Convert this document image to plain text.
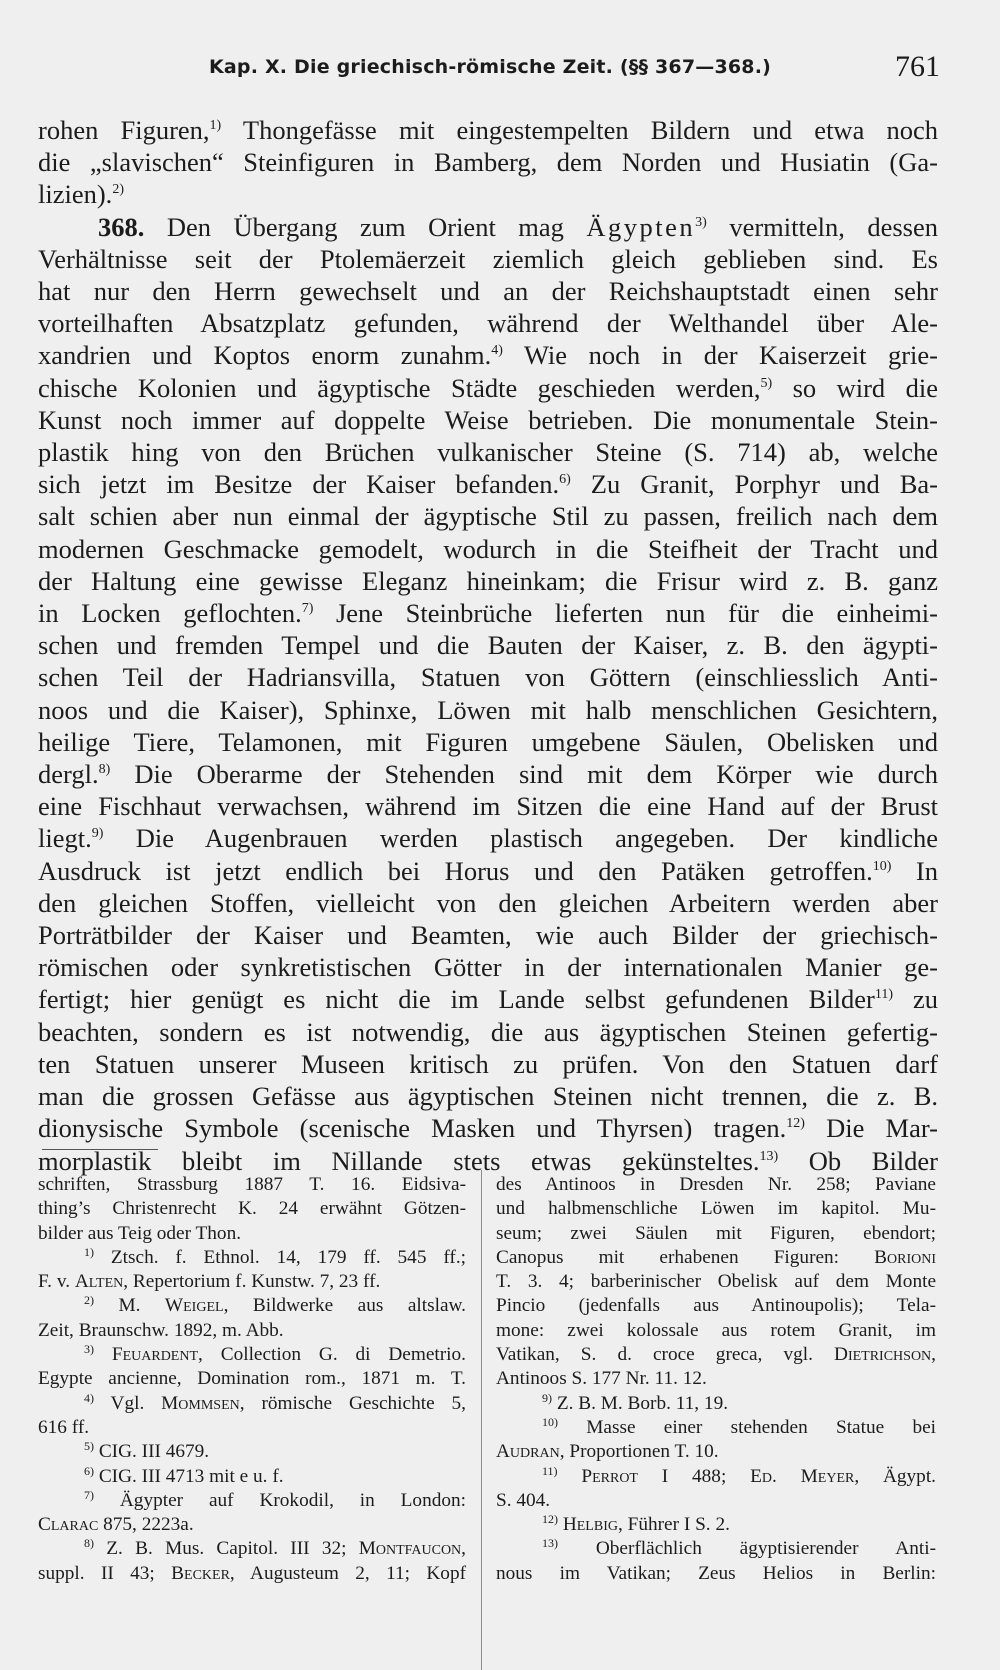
Kap. X. Die griechisch-römische Zeit. (§§ 367—368.)	761
rohen Figuren,$^{1)}$ Thongefässe mit eingestempelten Bildern und etwa noch
die „slavischen“ Steinfiguren in Bamberg, dem Norden und Husiatin (Ga-
lizien).$^{2)}$
368. Den Übergang zum Orient mag Ägypten$^{3)}$ vermitteln, dessen
Verhältnisse seit der Ptolemäerzeit ziemlich gleich geblieben sind. Es
hat nur den Herrn gewechselt und an der Reichshauptstadt einen sehr
vorteilhaften Absatzplatz gefunden, während der Welthandel über Ale-
xandrien und Koptos enorm zunahm.$^{4)}$ Wie noch in der Kaiserzeit grie-
chische Kolonien und ägyptische Städte geschieden werden,$^{5)}$ so wird die
Kunst noch immer auf doppelte Weise betrieben. Die monumentale Stein-
plastik hing von den Brüchen vulkanischer Steine (S. 714) ab, welche
sich jetzt im Besitze der Kaiser befanden.$^{6)}$ Zu Granit, Porphyr und Ba-
salt schien aber nun einmal der ägyptische Stil zu passen, freilich nach dem
modernen Geschmacke gemodelt, wodurch in die Steifheit der Tracht und
der Haltung eine gewisse Eleganz hineinkam; die Frisur wird z. B. ganz
in Locken geflochten.$^{7)}$ Jene Steinbrüche lieferten nun für die einheimi-
schen und fremden Tempel und die Bauten der Kaiser, z. B. den ägypti-
schen Teil der Hadriansvilla, Statuen von Göttern (einschliesslich Anti-
noos und die Kaiser), Sphinxe, Löwen mit halb menschlichen Gesichtern,
heilige Tiere, Telamonen, mit Figuren umgebene Säulen, Obelisken und
dergl.$^{8)}$ Die Oberarme der Stehenden sind mit dem Körper wie durch
eine Fischhaut verwachsen, während im Sitzen die eine Hand auf der Brust
liegt.$^{9)}$ Die Augenbrauen werden plastisch angegeben. Der kindliche
Ausdruck ist jetzt endlich bei Horus und den Patäken getroffen.$^{10)}$ In
den gleichen Stoffen, vielleicht von den gleichen Arbeitern werden aber
Porträtbilder der Kaiser und Beamten, wie auch Bilder der griechisch-
römischen oder synkretistischen Götter in der internationalen Manier ge-
fertigt; hier genügt es nicht die im Lande selbst gefundenen Bilder$^{11)}$ zu
beachten, sondern es ist notwendig, die aus ägyptischen Steinen gefertig-
ten Statuen unserer Museen kritisch zu prüfen. Von den Statuen darf
man die grossen Gefässe aus ägyptischen Steinen nicht trennen, die z. B.
dionysische Symbole (scenische Masken und Thyrsen) tragen.$^{12)}$ Die Mar-
morplastik bleibt im Nillande stets etwas gekünsteltes.$^{13)}$ Ob Bilder
schriften, Strassburg 1887 T. 16. Eidsiva-
thing’s Christenrecht K. 24 erwähnt Götzen-
bilder aus Teig oder Thon.
$^{1)}$ Ztsch. f. Ethnol. 14, 179 ff. 545 ff.;
F. v. Alten, Repertorium f. Kunstw. 7, 23 ff.
$^{2)}$ M. Weigel, Bildwerke aus altslaw.
Zeit, Braunschw. 1892, m. Abb.
$^{3)}$ Feuardent, Collection G. di Demetrio.
Egypte ancienne, Domination rom., 1871 m. T.
$^{4)}$ Vgl. Mommsen, römische Geschichte 5,
616 ff.
$^{5)}$ CIG. III 4679.
$^{6)}$ CIG. III 4713 mit e u. f.
$^{7)}$ Ägypter auf Krokodil, in London:
Clarac 875, 2223a.
$^{8)}$ Z. B. Mus. Capitol. III 32; Montfaucon,
suppl. II 43; Becker, Augusteum 2, 11; Kopf
des Antinoos in Dresden Nr. 258; Paviane
und halbmenschliche Löwen im kapitol. Mu-
seum; zwei Säulen mit Figuren, ebendort;
Canopus mit erhabenen Figuren: Borioni
T. 3. 4; barberinischer Obelisk auf dem Monte
Pincio (jedenfalls aus Antinoupolis); Tela-
mone: zwei kolossale aus rotem Granit, im
Vatikan, S. d. croce greca, vgl. Dietrichson,
Antinoos S. 177 Nr. 11. 12.
$^{9)}$ Z. B. M. Borb. 11, 19.
$^{10)}$ Masse einer stehenden Statue bei
Audran, Proportionen T. 10.
$^{11)}$ Perrot I 488; Ed. Meyer, Ägypt.
S. 404.
$^{12)}$ Helbig, Führer I S. 2.
$^{13)}$ Oberflächlich ägyptisierender Anti-
nous im Vatikan; Zeus Helios in Berlin:
